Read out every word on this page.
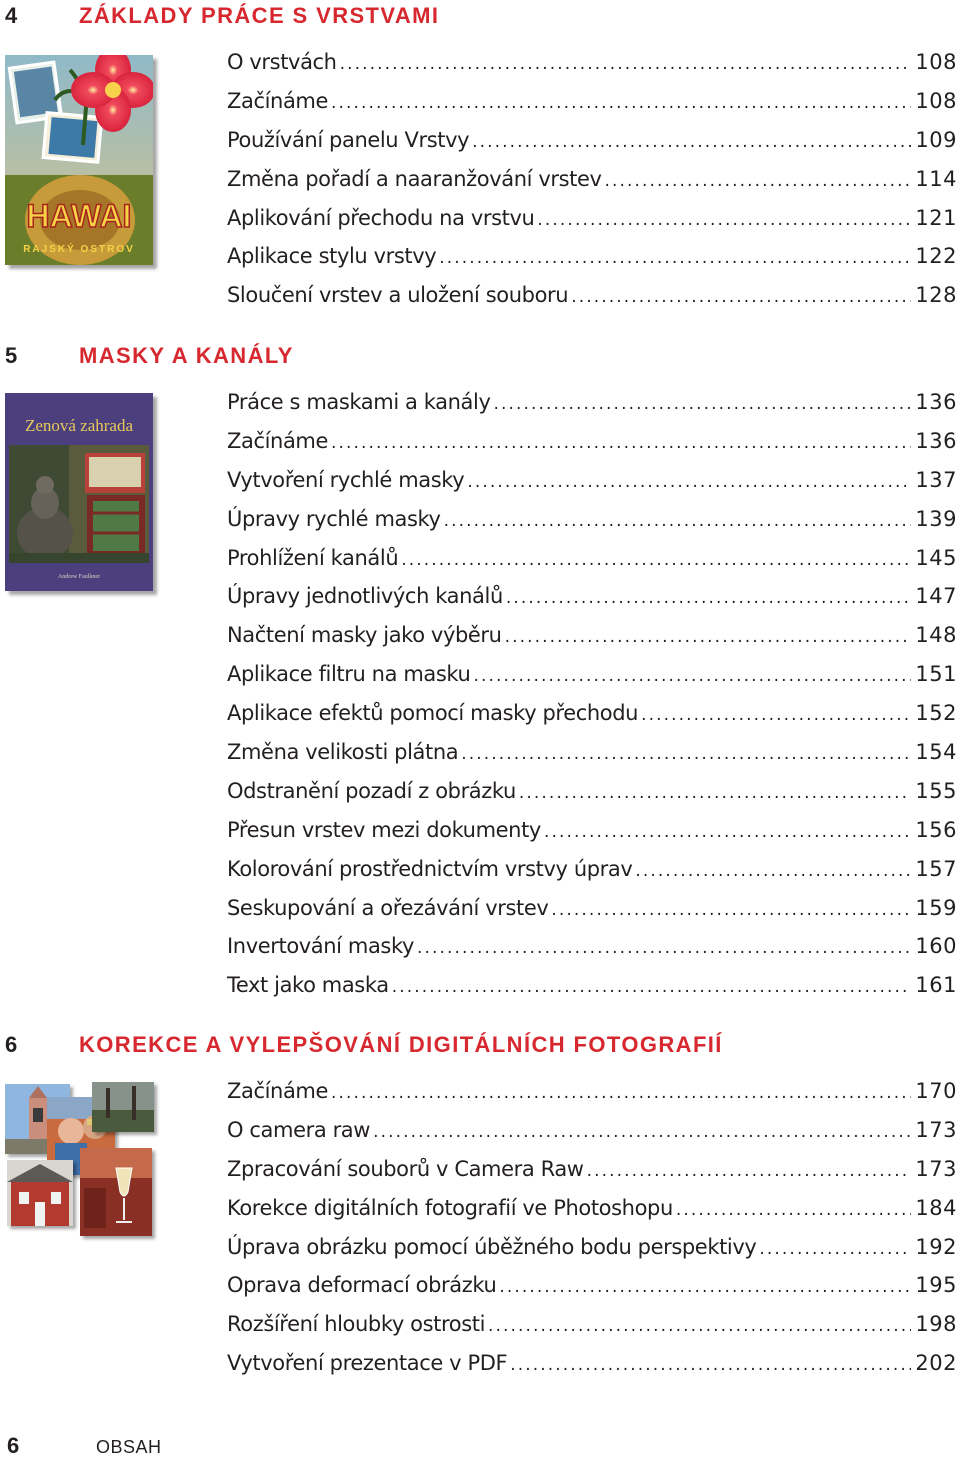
4	ZÁKLADY PRÁCE S VRSTVAMI
HAWAI
RAJSKÝ OSTROV
O vrstvách .....	108
Začínáme .....	108
Používání panelu Vrstvy .....	109
Změna pořadí a naaranžování vrstev .....	114
Aplikování přechodu na vrstvu .....	121
Aplikace stylu vrstvy .....	122
Sloučení vrstev a uložení souboru .....	128
5	MASKY A KANÁLY
Zenová zahrada
Andrew Faulkner
Práce s maskami a kanály .....	136
Začínáme .....	136
Vytvoření rychlé masky .....	137
Úpravy rychlé masky .....	139
Prohlížení kanálů .....	145
Úpravy jednotlivých kanálů .....	147
Načtení masky jako výběru .....	148
Aplikace filtru na masku .....	151
Aplikace efektů pomocí masky přechodu .....	152
Změna velikosti plátna .....	154
Odstranění pozadí z obrázku .....	155
Přesun vrstev mezi dokumenty .....	156
Kolorování prostřednictvím vrstvy úprav .....	157
Seskupování a ořezávání vrstev .....	159
Invertování masky .....	160
Text jako maska .....	161
6	KOREKCE A VYLEPŠOVÁNÍ DIGITÁLNÍCH FOTOGRAFIÍ
Začínáme .....	170
O camera raw .....	173
Zpracování souborů v Camera Raw .....	173
Korekce digitálních fotografií ve Photoshopu .....	184
Úprava obrázku pomocí úběžného bodu perspektivy .....	192
Oprava deformací obrázku .....	195
Rozšíření hloubky ostrosti .....	198
Vytvoření prezentace v PDF .....	202
6	OBSAH
